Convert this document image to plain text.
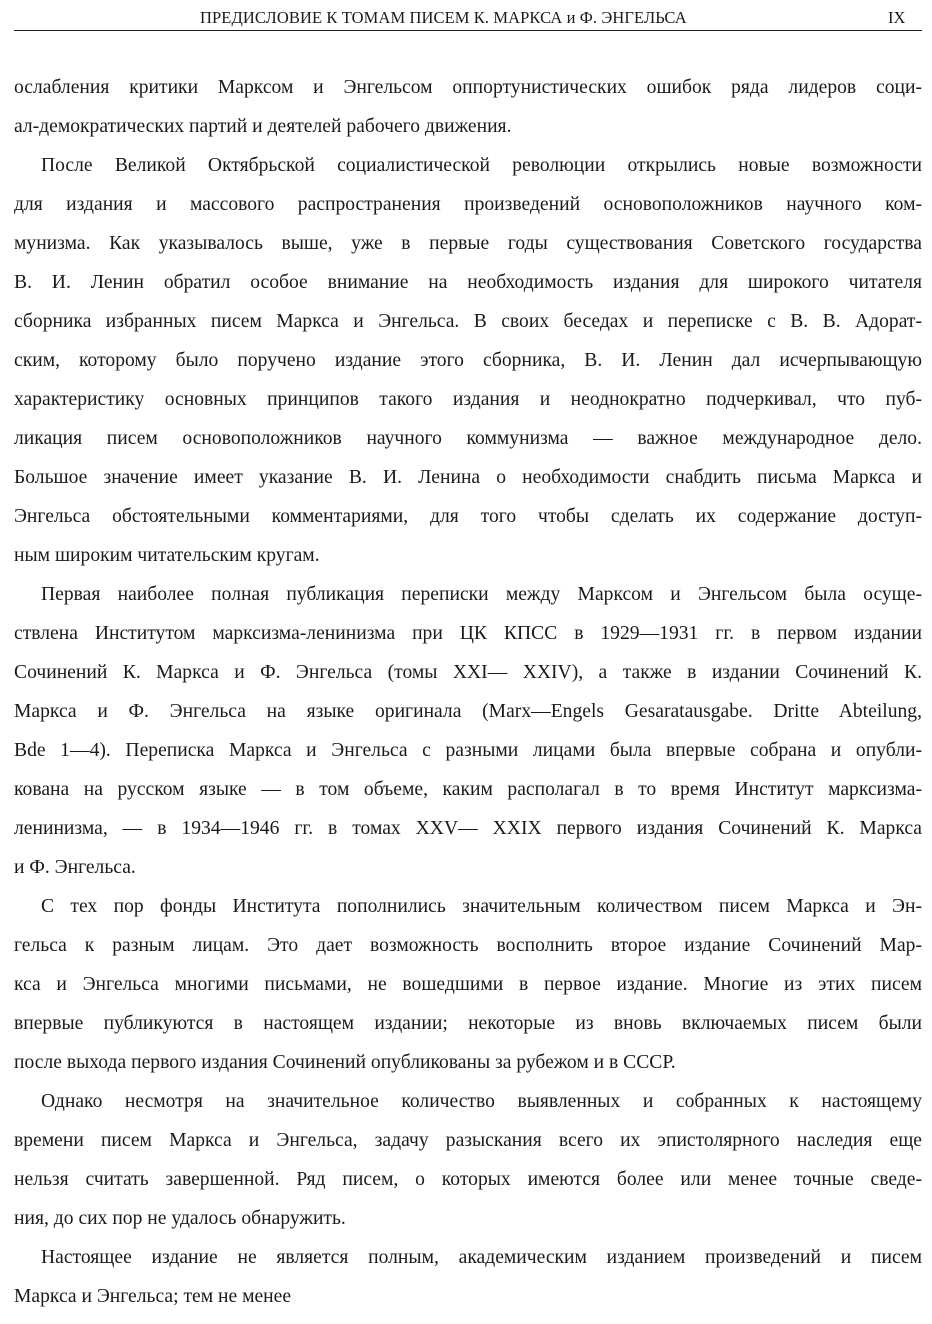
ПРЕДИСЛОВИЕ К ТОМАМ ПИСЕМ К. МАРКСА и Ф. ЭНГЕЛЬСА	IX
ослабления критики Марксом и Энгельсом оппортунистических ошибок ряда лидеров соци-
ал-демократических партий и деятелей рабочего движения.
После Великой Октябрьской социалистической революции открылись новые возможности
для издания и массового распространения произведений основоположников научного ком-
мунизма. Как указывалось выше, уже в первые годы существования Советского государства
В. И. Ленин обратил особое внимание на необходимость издания для широкого читателя
сборника избранных писем Маркса и Энгельса. В своих беседах и переписке с В. В. Адорат-
ским, которому было поручено издание этого сборника, В. И. Ленин дал исчерпывающую
характеристику основных принципов такого издания и неоднократно подчеркивал, что пуб-
ликация писем основоположников научного коммунизма — важное международное дело.
Большое значение имеет указание В. И. Ленина о необходимости снабдить письма Маркса и
Энгельса обстоятельными комментариями, для того чтобы сделать их содержание доступ-
ным широким читательским кругам.
Первая наиболее полная публикация переписки между Марксом и Энгельсом была осуще-
ствлена Институтом марксизма-ленинизма при ЦК КПСС в 1929—1931 гг. в первом издании
Сочинений К. Маркса и Ф. Энгельса (томы XXI— XXIV), а также в издании Сочинений К.
Маркса и Ф. Энгельса на языке оригинала (Marx—Engels Gesaratausgabe. Dritte Abteilung,
Bde 1—4). Переписка Маркса и Энгельса с разными лицами была впервые собрана и опубли-
кована на русском языке — в том объеме, каким располагал в то время Институт марксизма-
ленинизма, — в 1934—1946 гг. в томах XXV— XXIX первого издания Сочинений К. Маркса
и Ф. Энгельса.
С тех пор фонды Института пополнились значительным количеством писем Маркса и Эн-
гельса к разным лицам. Это дает возможность восполнить второе издание Сочинений Мар-
кса и Энгельса многими письмами, не вошедшими в первое издание. Многие из этих писем
впервые публикуются в настоящем издании; некоторые из вновь включаемых писем были
после выхода первого издания Сочинений опубликованы за рубежом и в СССР.
Однако несмотря на значительное количество выявленных и собранных к настоящему
времени писем Маркса и Энгельса, задачу разыскания всего их эпистолярного наследия еще
нельзя считать завершенной. Ряд писем, о которых имеются более или менее точные сведе-
ния, до сих пор не удалось обнаружить.
Настоящее издание не является полным, академическим изданием произведений и писем
Маркса и Энгельса; тем не менее
